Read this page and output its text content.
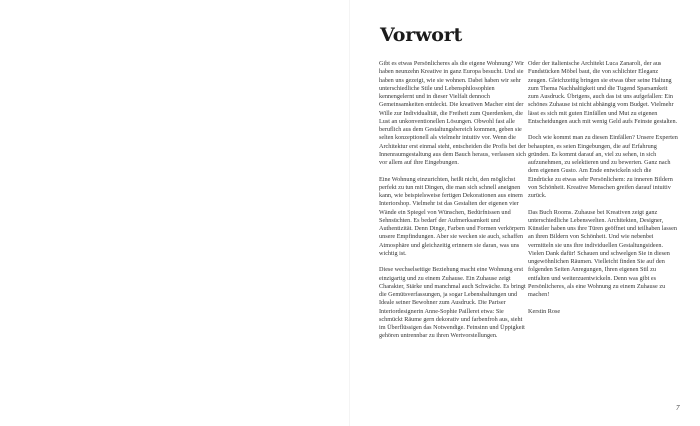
Vorwort

Gibt es etwas Persönlicheres als die eigene Wohnung? Wir haben neunzehn Kreative in ganz Europa besucht. Und sie haben uns gezeigt, wie sie wohnen. Dabei haben wir sehr unterschiedliche Stile und Lebensphilosophien kennengelernt und in dieser Vielfalt dennoch Gemeinsamkeiten entdeckt. Die kreativen Macher eint der Wille zur Individualität, die Freiheit zum Querdenken, die Lust an unkonventionellen Lösungen. Obwohl fast alle beruflich aus dem Gestaltungsbereich kommen, geben sie selten konzeptionell als vielmehr intuitiv vor. Wenn die Architektur erst einmal steht, entscheiden die Profis bei der Innenraumgestaltung aus dem Bauch heraus, verlassen sich vor allem auf ihre Eingebungen.

Eine Wohnung einzurichten, heißt nicht, den möglichst perfekt zu tun mit Dingen, die man sich schnell aneignen kann, wie beispielsweise fertigen Dekorationen aus einem Interiorshop. Vielmehr ist das Gestalten der eigenen vier Wände ein Spiegel von Wünschen, Bedürfnissen und Sehnsüchten. Es bedarf der Aufmerksamkeit und Authentizität. Denn Dinge, Farben und Formen verkörpern unsere Empfindungen. Aber sie wecken sie auch, schaffen Atmosphäre und gleichzeitig erinnern sie daran, was uns wichtig ist.

Diese wechselseitige Beziehung macht eine Wohnung erst einzigartig und zu einem Zuhause. Ein Zuhause zeigt Charakter, Stärke und manchmal auch Schwäche. Es bringt die Gemütsverfassungen, ja sogar Lebenshaltungen und Ideale seiner Bewohner zum Ausdruck. Die Pariser Interiordesignerin Anne-Sophie Pailleret etwa: Sie schmückt Räume gern dekorativ und farbenfroh aus, sieht im Überflüssigen das Notwendige. Feinsinn und Üppigkeit gehören untrennbar zu ihren Wertvorstellungen.

Oder der italienische Architekt Luca Zanaroli, der aus Fundstücken Möbel baut, die von schlichter Eleganz zeugen. Gleichzeitig bringen sie etwas über seine Haltung zum Thema Nachhaltigkeit und die Tugend Sparsamkeit zum Ausdruck. Übrigens, auch das ist uns aufgefallen: Ein schönes Zuhause ist nicht abhängig vom Budget. Vielmehr lässt es sich mit guten Einfällen und Mut zu eigenen Entscheidungen auch mit wenig Geld aufs Feinste gestalten.

Doch wie kommt man zu diesen Einfällen? Unsere Experten behaupten, es seien Eingebungen, die auf Erfahrung gründen. Es kommt darauf an, viel zu sehen, in sich aufzunehmen, zu selektieren und zu bewerten. Ganz nach dem eigenen Gusto. Am Ende entwickeln sich die Eindrücke zu etwas sehr Persönlichem: zu inneren Bildern von Schönheit. Kreative Menschen greifen darauf intuitiv zurück.

Das Buch Rooms. Zuhause bei Kreativen zeigt ganz unterschiedliche Lebenswelten. Architekten, Designer, Künstler haben uns ihre Türen geöffnet und teilhaben lassen an ihren Bildern von Schönheit. Und wie nebenbei vermitteln sie uns ihre individuellen Gestaltungsideen. Vielen Dank dafür! Schauen und schwelgen Sie in diesen ungewöhnlichen Räumen. Vielleicht finden Sie auf den folgenden Seiten Anregungen, Ihren eigenen Stil zu entfalten und weiterzuentwickeln. Denn was gibt es Persönlicheres, als eine Wohnung zu einem Zuhause zu machen!

Kerstin Rose

7
